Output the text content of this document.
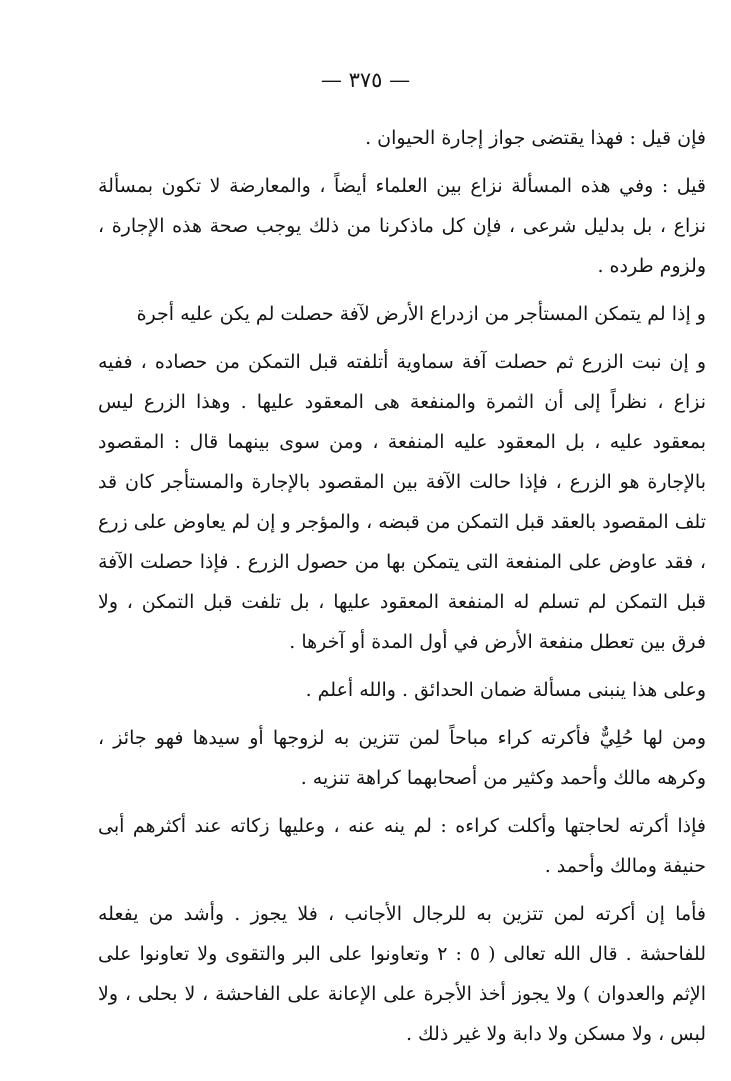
— ٣٧٥ —

فإن قيل : فهذا يقتضى جواز إجارة الحيوان .

قيل : وفي هذه المسألة نزاع بين العلماء أيضاً ، والمعارضة لا تكون بمسألة نزاع ، بل بدليل شرعى ، فإن كل ماذكرنا من ذلك يوجب صحة هذه الإجارة ، ولزوم طرده .

و إذا لم يتمكن المستأجر من ازدراع الأرض لآفة حصلت لم يكن عليه أجرة

و إن نبت الزرع ثم حصلت آفة سماوية أتلفته قبل التمكن من حصاده ، ففيه نزاع ، نظراً إلى أن الثمرة والمنفعة هى المعقود عليها . وهذا الزرع ليس بمعقود عليه ، بل المعقود عليه المنفعة ، ومن سوى بينهما قال : المقصود بالإجارة هو الزرع ، فإذا حالت الآفة بين المقصود بالإجارة والمستأجر كان قد تلف المقصود بالعقد قبل التمكن من قبضه ، والمؤجر و إن لم يعاوض على زرع ، فقد عاوض على المنفعة التى يتمكن بها من حصول الزرع . فإذا حصلت الآفة قبل التمكن لم تسلم له المنفعة المعقود عليها ، بل تلفت قبل التمكن ، ولا فرق بين تعطل منفعة الأرض في أول المدة أو آخرها .

وعلى هذا ينبنى مسألة ضمان الحدائق . والله أعلم .

ومن لها حُلِيٌّ فأكرته كراء مباحاً لمن تتزين به لزوجها أو سيدها فهو جائز ، وكرهه مالك وأحمد وكثير من أصحابهما كراهة تنزيه .

فإذا أكرته لحاجتها وأكلت كراءه : لم ينه عنه ، وعليها زكاته عند أكثرهم أبى حنيفة ومالك وأحمد .

فأما إن أكرته لمن تتزين به للرجال الأجانب ، فلا يجوز . وأشد من يفعله للفاحشة . قال الله تعالى ( ٥ : ٢ وتعاونوا على البر والتقوى ولا تعاونوا على الإثم والعدوان ) ولا يجوز أخذ الأجرة على الإعانة على الفاحشة ، لا بحلى ، ولا لبس ، ولا مسكن ولا دابة ولا غير ذلك .
